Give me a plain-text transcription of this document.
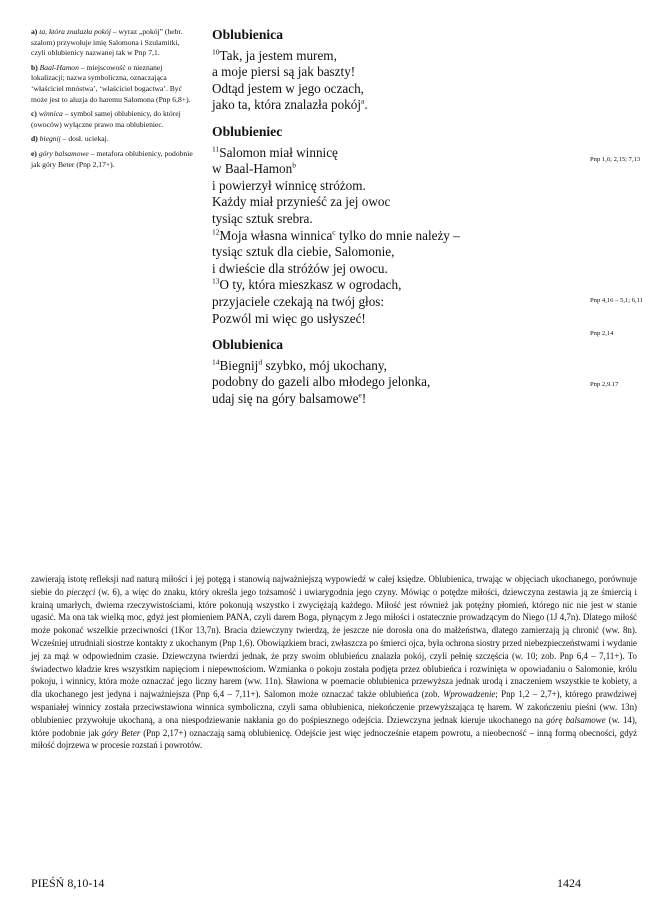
a) ta, która znalazła pokój – wyraz „pokój” (hebr. szalom) przywołuje imię Salomona i Szulamitki, czyli oblubienicy nazwanej tak w Pnp 7,1.

b) Baal-Hamon – miejscowość o nieznanej lokalizacji; nazwa symboliczna, oznaczająca ‘właściciel mnóstwa’, ‘właściciel bogactwa’. Być może jest to aluzja do haremu Salomona (Pnp 6,8+).

c) winnica – symbol samej oblubienicy, do której (owoców) wyłączne prawo ma oblubieniec.

d) biegnij – dosł. uciekaj.

e) góry balsamowe – metafora oblubienicy, podobnie jak góry Beter (Pnp 2,17+).

Oblubienica
$^{10}$Tak, ja jestem murem,
a moje piersi są jak baszty!
Odtąd jestem w jego oczach,
jako ta, która znalazła pokój$^a$.
Oblubieniec
$^{11}$Salomon miał winnicę
w Baal-Hamon$^b$
i powierzył winnicę stróżom.
Każdy miał przynieść za jej owoc
tysiąc sztuk srebra.
$^{12}$Moja własna winnica$^c$ tylko do mnie należy –
tysiąc sztuk dla ciebie, Salomonie,
i dwieście dla stróżów jej owocu.
$^{13}$O ty, która mieszkasz w ogrodach,
przyjaciele czekają na twój głos:
Pozwól mi więc go usłyszeć!
Oblubienica
$^{14}$Biegnij$^d$ szybko, mój ukochany,
podobny do gazeli albo młodego jelonka,
udaj się na góry balsamowe$^e$!
Pnp 1,6; 2,15; 7,13
Pnp 4,16 – 5,1; 6,11
Pnp 2,14
Pnp 2,9.17
zawierają istotę refleksji nad naturą miłości i jej potęgą i stanowią najważniejszą wypowiedź w całej księdze. Oblubienica, trwając w objęciach ukochanego, porównuje siebie do pieczęci (w. 6), a więc do znaku, który określa jego tożsamość i uwiarygodnia jego czyny. Mówiąc o potędze miłości, dziewczyna zestawia ją ze śmiercią i krainą umarłych, dwiema rzeczywistościami, które pokonują wszystko i zwyciężają każdego. Miłość jest również jak potężny płomień, którego nic nie jest w stanie ugasić. Ma ona tak wielką moc, gdyż jest płomieniem PANA, czyli darem Boga, płynącym z Jego miłości i ostatecznie prowadzącym do Niego (1J 4,7n). Dlatego miłość może pokonać wszelkie przeciwności (1Kor 13,7n). Bracia dziewczyny twierdzą, że jeszcze nie dorosła ona do małżeństwa, dlatego zamierzają ją chronić (ww. 8n). Wcześniej utrudniali siostrze kontakty z ukochanym (Pnp 1,6). Obowiązkiem braci, zwłaszcza po śmierci ojca, była ochrona siostry przed niebezpieczeństwami i wydanie jej za mąż w odpowiednim czasie. Dziewczyna twierdzi jednak, że przy swoim oblubieńcu znalazła pokój, czyli pełnię szczęścia (w. 10; zob. Pnp 6,4 – 7,11+). To świadectwo kładzie kres wszystkim napięciom i niepewnościom. Wzmianka o pokoju została podjęta przez oblubieńca i rozwinięta w opowiadaniu o Salomonie, królu pokoju, i winnicy, która może oznaczać jego liczny harem (ww. 11n). Sławiona w poemacie oblubienica przewyższa jednak urodą i znaczeniem wszystkie te kobiety, a dla ukochanego jest jedyna i najważniejsza (Pnp 6,4 – 7,11+). Salomon może oznaczać także oblubieńca (zob. Wprowadzenie; Pnp 1,2 – 2,7+), którego prawdziwej wspaniałej winnicy została przeciwstawiona winnica symboliczna, czyli sama oblubienica, niekończenie przewyższająca tę harem. W zakończeniu pieśni (ww. 13n) oblubieniec przywołuje ukochaną, a ona niespodziewanie nakłania go do pośpiesznego odejścia. Dziewczyna jednak kieruje ukochanego na górę balsamowe (w. 14), które podobnie jak góry Beter (Pnp 2,17+) oznaczają samą oblubienicę. Odejście jest więc jednocześnie etapem powrotu, a nieobecność – inną formą obecności, gdyż miłość dojrzewa w procesie rozstań i powrotów.
PIEŚŃ 8,10-14	1424
